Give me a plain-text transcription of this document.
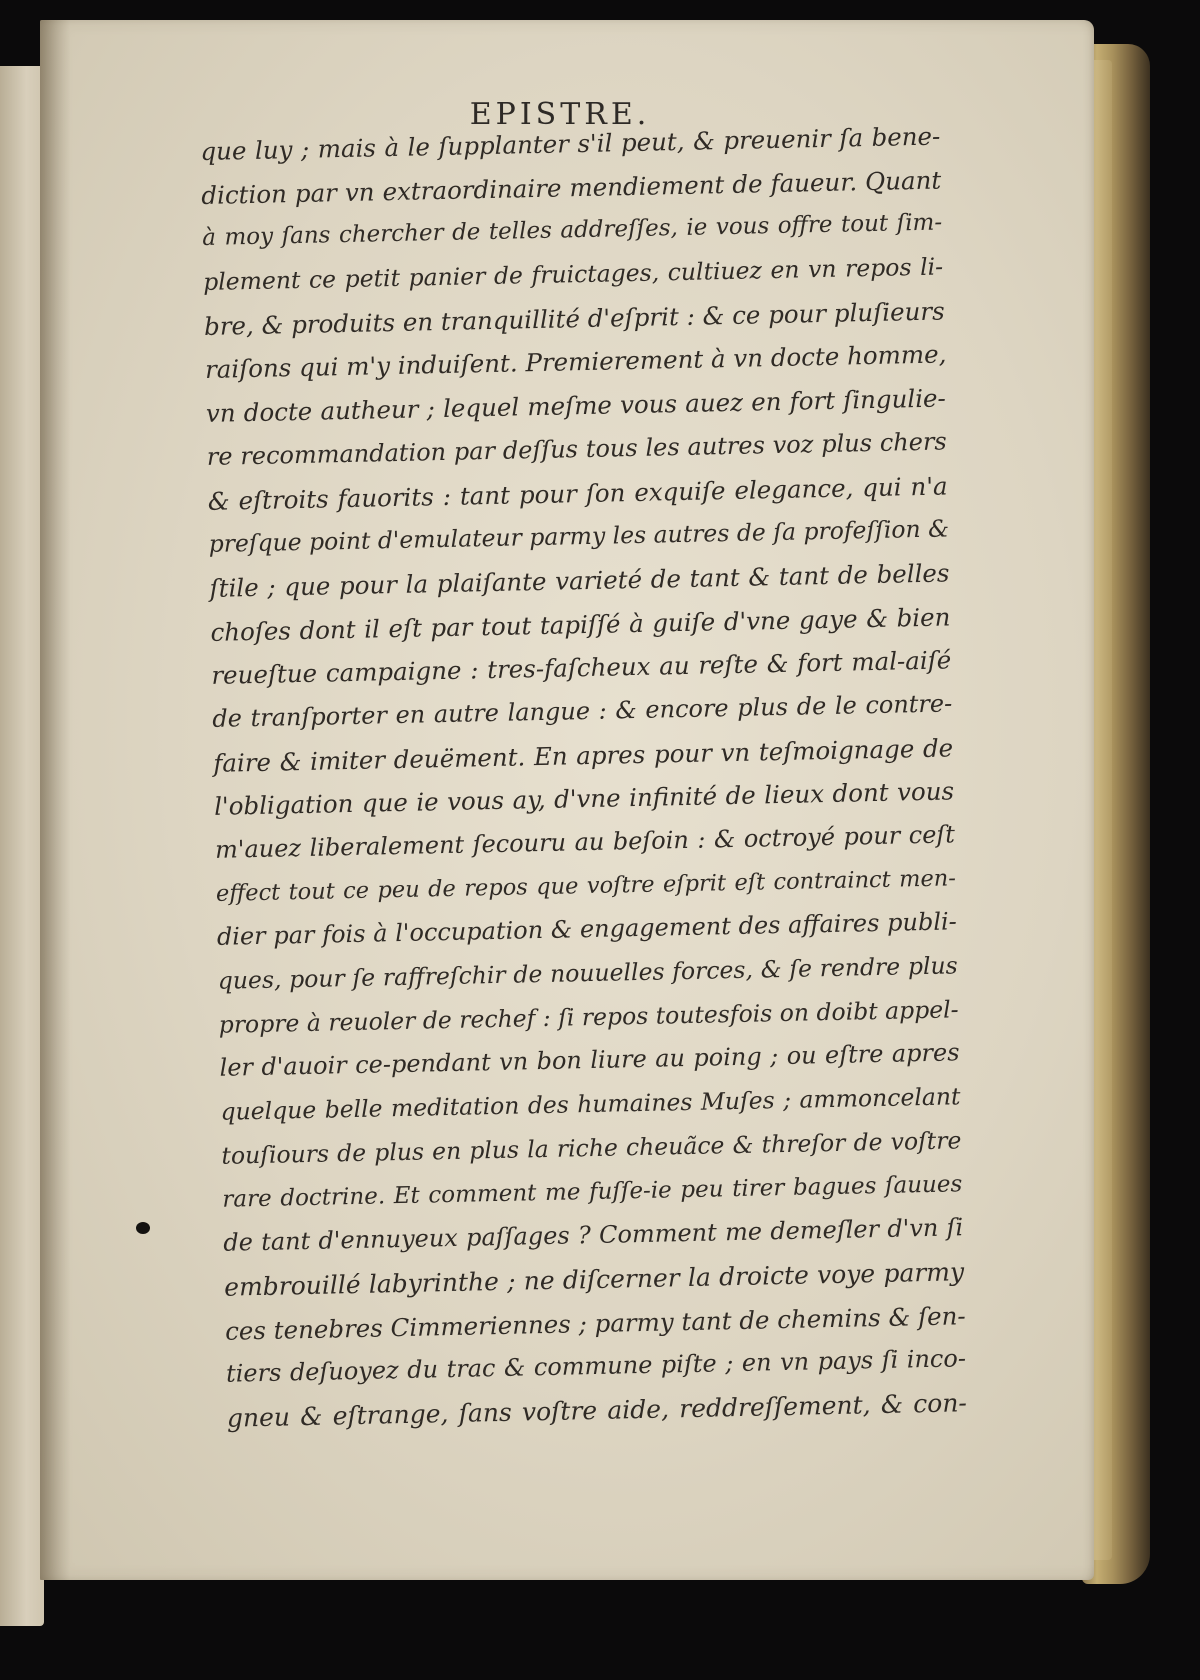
EPISTRE.
que luy ; mais à le ſupplanter s'il peut, & preuenir ſa bene-
diction par vn extraordinaire mendiement de faueur. Quant
à moy ſans chercher de telles addreſſes, ie vous offre tout ſim-
plement ce petit panier de fruictages, cultiuez en vn repos li-
bre, & produits en tranquillité d'eſprit : & ce pour pluſieurs
raiſons qui m'y induiſent. Premierement à vn docte homme,
vn docte autheur ; lequel meſme vous auez en fort ſingulie-
re recommandation par deſſus tous les autres voz plus chers
& eſtroits fauorits : tant pour ſon exquiſe elegance, qui n'a
preſque point d'emulateur parmy les autres de ſa profeſſion &
ſtile ; que pour la plaiſante varieté de tant & tant de belles
choſes dont il eſt par tout tapiſſé à guiſe d'vne gaye & bien
reueſtue campaigne : tres-faſcheux au reſte & fort mal-aiſé
de tranſporter en autre langue : & encore plus de le contre-
faire & imiter deuëment. En apres pour vn teſmoignage de
l'obligation que ie vous ay, d'vne infinité de lieux dont vous
m'auez liberalement ſecouru au beſoin : & octroyé pour ceſt
effect tout ce peu de repos que voſtre eſprit eſt contrainct men-
dier par fois à l'occupation & engagement des affaires publi-
ques, pour ſe raffreſchir de nouuelles forces, & ſe rendre plus
propre à reuoler de rechef : ſi repos toutesfois on doibt appel-
ler d'auoir ce-pendant vn bon liure au poing ; ou eſtre apres
quelque belle meditation des humaines Muſes ; ammoncelant
touſiours de plus en plus la riche cheuãce & threſor de voſtre
rare doctrine. Et comment me fuſſe-ie peu tirer bagues ſauues
de tant d'ennuyeux paſſages ? Comment me demeſler d'vn ſi
embrouillé labyrinthe ; ne diſcerner la droicte voye parmy
ces tenebres Cimmeriennes ; parmy tant de chemins & ſen-
tiers deſuoyez du trac & commune piſte ; en vn pays ſi inco-
gneu & eſtrange, ſans voſtre aide, reddreſſement, & con-
